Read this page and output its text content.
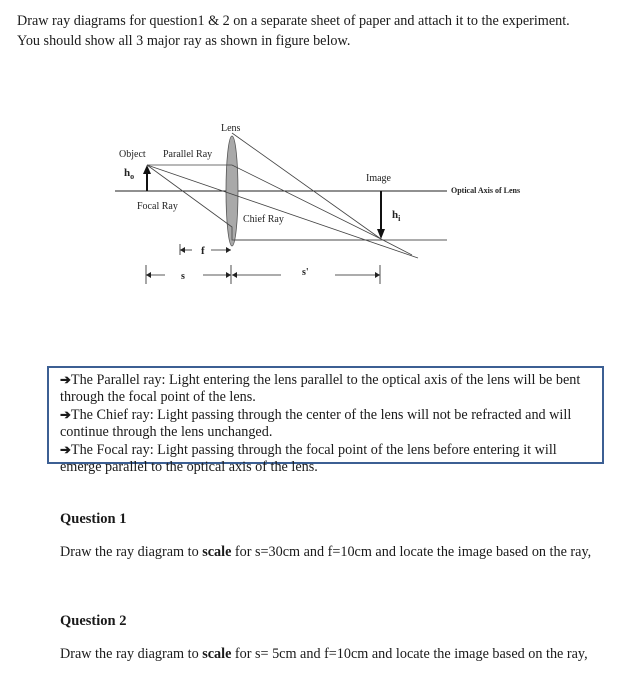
Draw ray diagrams for question1 & 2 on a separate sheet of paper and attach it to the experiment.

You should show all 3 major ray as shown in figure below.

Lens
Object Parallel Ray
$h_o$	Image
Optical Axis of Lens
Focal Ray
Chief Ray	$h_i$
f
s	s'

➔The Parallel ray: Light entering the lens parallel to the optical axis of the lens will be bent through the focal point of the lens.

➔The Chief ray: Light passing through the center of the lens will not be refracted and will continue through the lens unchanged.

➔The Focal ray: Light passing through the focal point of the lens before entering it will emerge parallel to the optical axis of the lens.

Question 1

Draw the ray diagram to scale for s=30cm and f=10cm and locate the image based on the ray,

Question 2

Draw the ray diagram to scale for s= 5cm and f=10cm and locate the image based on the ray,
